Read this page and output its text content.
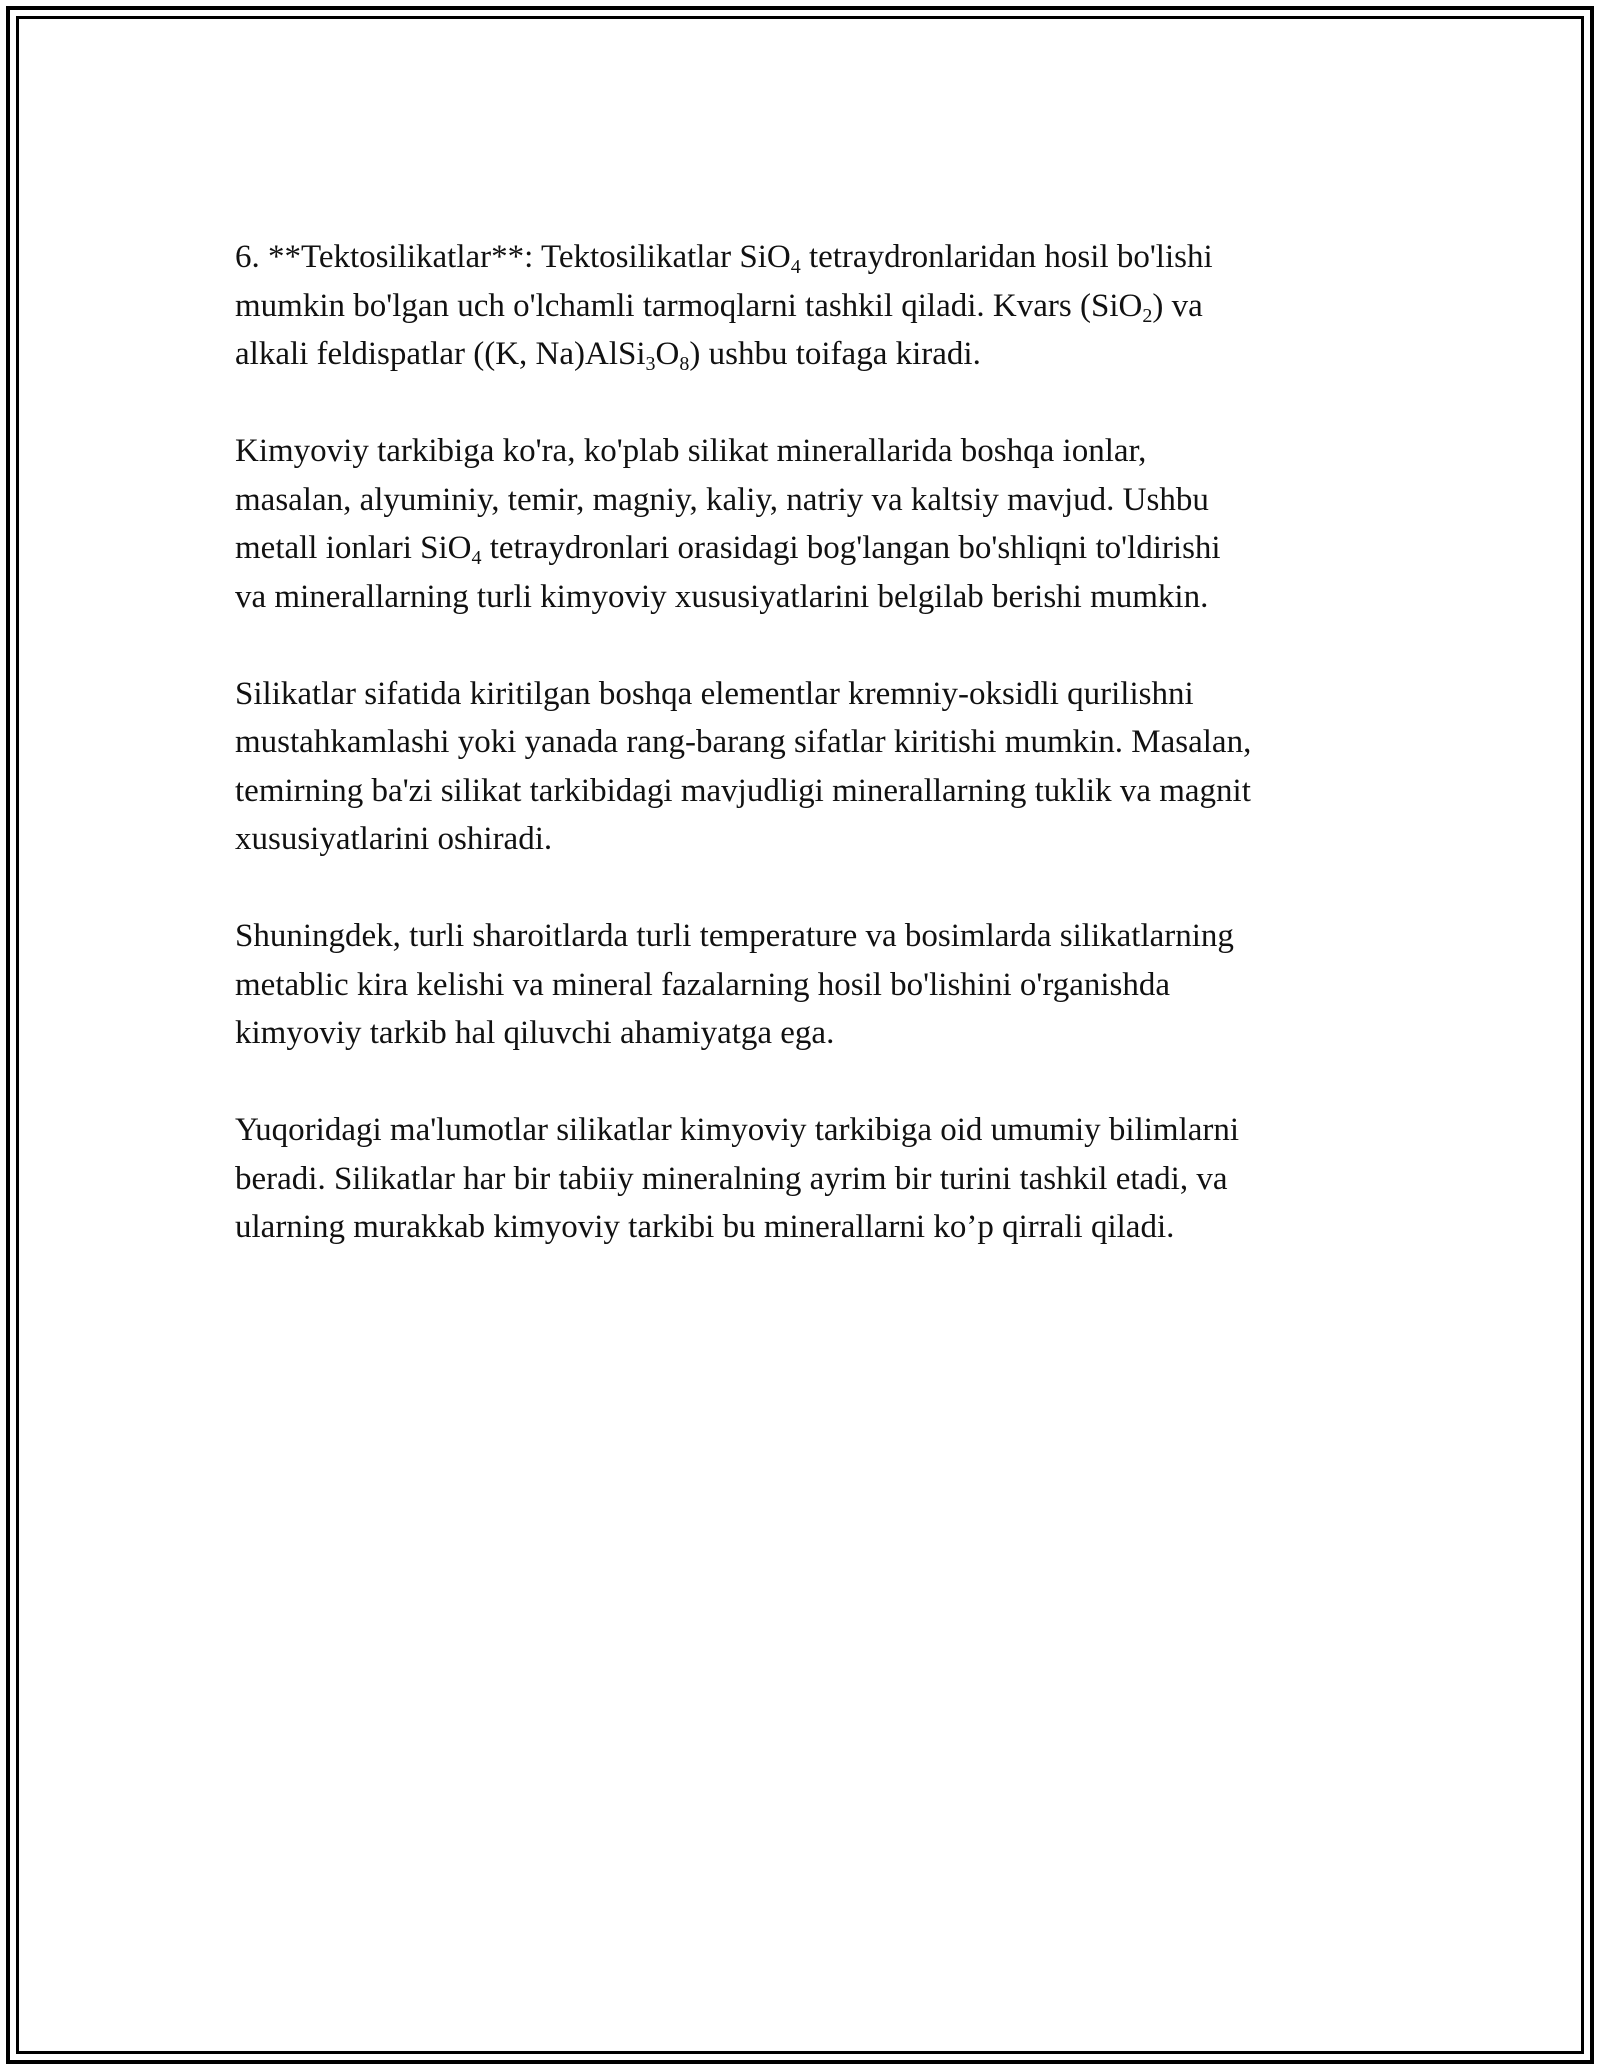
6. **Tektosilikatlar**: Tektosilikatlar SiO$_4$ tetraydronlaridan hosil bo'lishi
mumkin bo'lgan uch o'lchamli tarmoqlarni tashkil qiladi. Kvars (SiO$_2$) va
alkali feldispatlar ((K, $Na)AlSi_3O_8$) ushbu toifaga kiradi.

Kimyoviy tarkibiga ko'ra, ko'plab silikat minerallarida boshqa ionlar,
masalan, alyuminiy, temir, magniy, kaliy, natriy va kaltsiy mavjud. Ushbu
metall ionlari SiO$_4$ tetraydronlari orasidagi bog'langan bo'shliqni to'ldirishi
va minerallarning turli kimyoviy xususiyatlarini belgilab berishi mumkin.

Silikatlar sifatida kiritilgan boshqa elementlar kremniy-oksidli qurilishni
mustahkamlashi yoki yanada rang-barang sifatlar kiritishi mumkin. Masalan,
temirning ba'zi silikat tarkibidagi mavjudligi minerallarning tuklik va magnit
xususiyatlarini oshiradi.

Shuningdek, turli sharoitlarda turli temperature va bosimlarda silikatlarning
metablic kira kelishi va mineral fazalarning hosil bo'lishini o'rganishda
kimyoviy tarkib hal qiluvchi ahamiyatga ega.

Yuqoridagi ma'lumotlar silikatlar kimyoviy tarkibiga oid umumiy bilimlarni
beradi. Silikatlar har bir tabiiy mineralning ayrim bir turini tashkil etadi, va
ularning murakkab kimyoviy tarkibi bu minerallarni ko’p qirrali qiladi.
